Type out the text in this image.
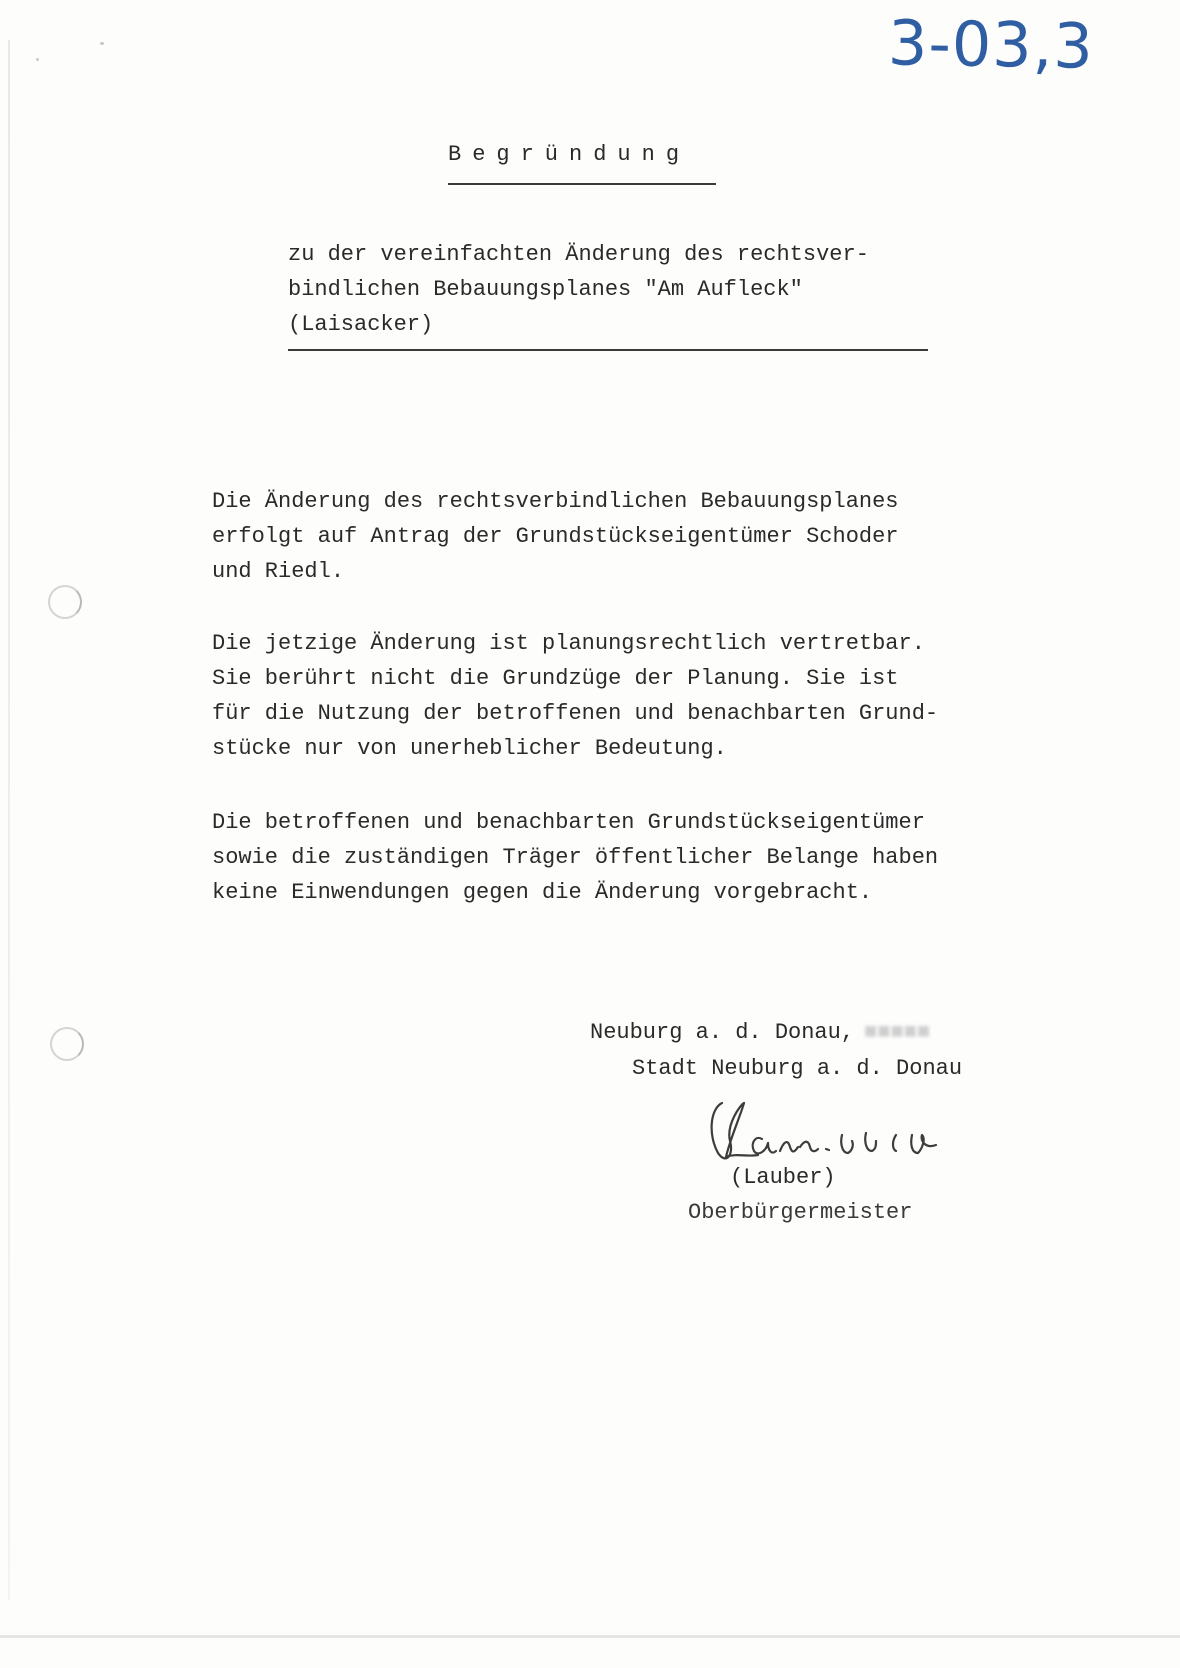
3-03,3
Begründung

zu der vereinfachten Änderung des rechtsver-
bindlichen Bebauungsplanes "Am Aufleck"
(Laisacker)

Die Änderung des rechtsverbindlichen Bebauungsplanes
erfolgt auf Antrag der Grundstückseigentümer Schoder
und Riedl.

Die jetzige Änderung ist planungsrechtlich vertretbar.
Sie berührt nicht die Grundzüge der Planung. Sie ist
für die Nutzung der betroffenen und benachbarten Grund-
stücke nur von unerheblicher Bedeutung.

Die betroffenen und benachbarten Grundstückseigentümer
sowie die zuständigen Träger öffentlicher Belange haben
keine Einwendungen gegen die Änderung vorgebracht.

Neuburg a. d. Donau, ■■■■■
Stadt Neuburg a. d. Donau
Lauber
(Lauber)
Oberbürgermeister
